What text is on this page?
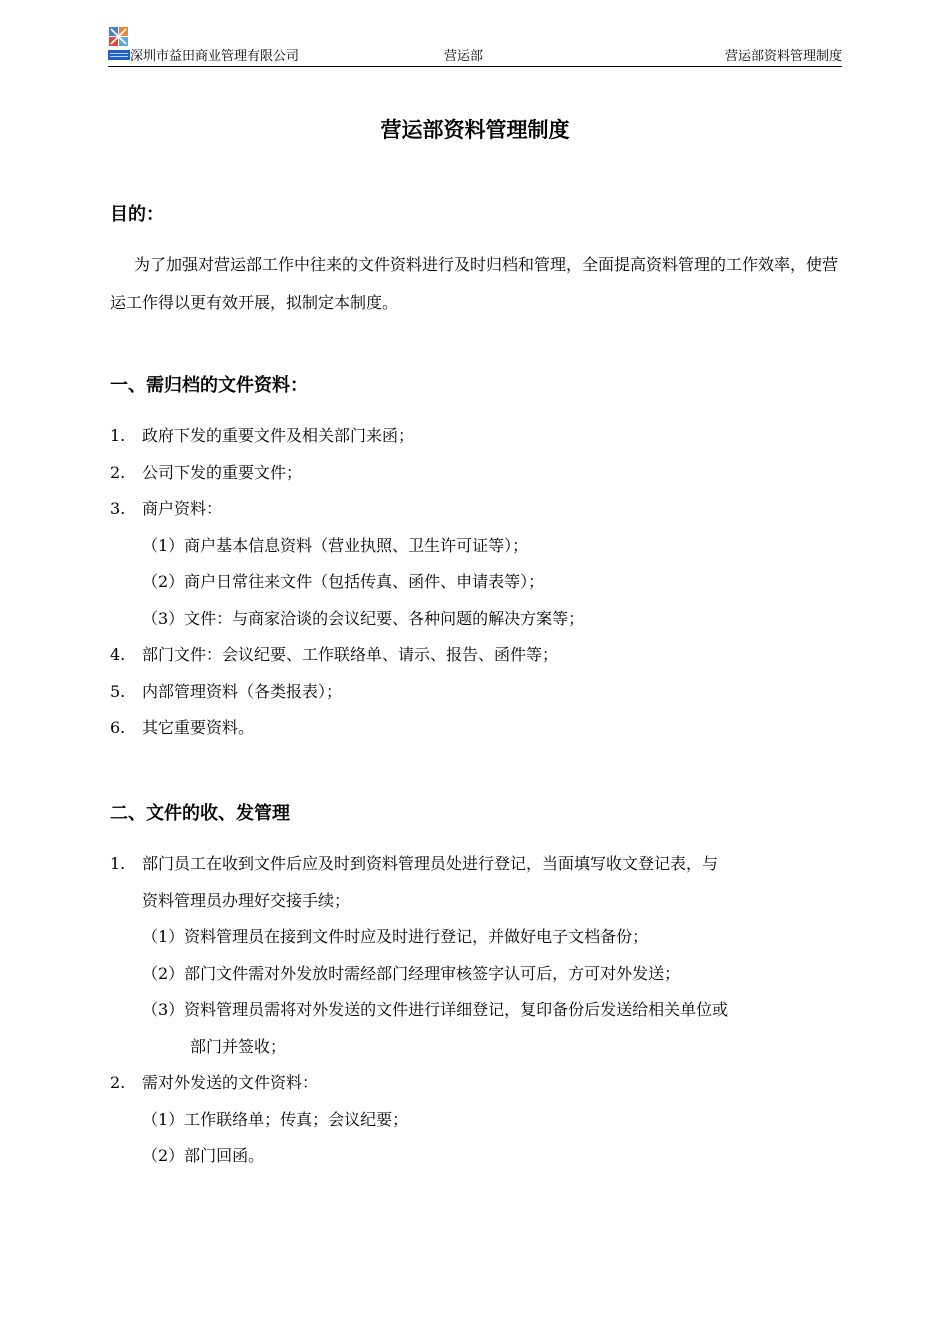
深圳市益田商业管理有限公司	营运部	营运部资料管理制度
营运部资料管理制度
目的：
为了加强对营运部工作中往来的文件资料进行及时归档和管理，全面提高资料管理的工作效率，使营运工作得以更有效开展，拟制定本制度。
一、需归档的文件资料：
1. 政府下发的重要文件及相关部门来函；
2. 公司下发的重要文件；
3. 商户资料：
（1）商户基本信息资料（营业执照、卫生许可证等）；
（2）商户日常往来文件（包括传真、函件、申请表等）；
（3）文件：与商家洽谈的会议纪要、各种问题的解决方案等；
4. 部门文件：会议纪要、工作联络单、请示、报告、函件等；
5. 内部管理资料（各类报表）；
6. 其它重要资料。
二、文件的收、发管理
1. 部门员工在收到文件后应及时到资料管理员处进行登记，当面填写收文登记表，与
资料管理员办理好交接手续；
（1）资料管理员在接到文件时应及时进行登记，并做好电子文档备份；
（2）部门文件需对外发放时需经部门经理审核签字认可后，方可对外发送；
（3）资料管理员需将对外发送的文件进行详细登记，复印备份后发送给相关单位或
部门并签收；
2. 需对外发送的文件资料：
（1）工作联络单；传真；会议纪要；
（2）部门回函。
